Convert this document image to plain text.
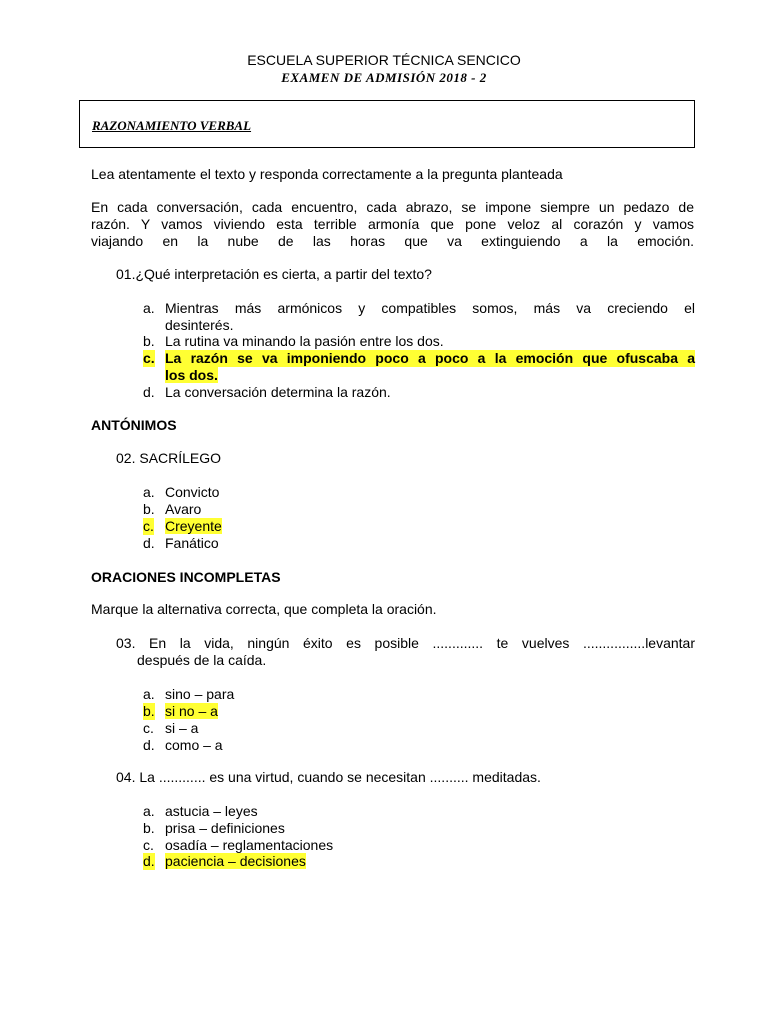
ESCUELA SUPERIOR TÉCNICA SENCICO
EXAMEN DE ADMISIÓN 2018 - 2
RAZONAMIENTO VERBAL
Lea atentamente el texto y responda correctamente a la pregunta planteada
En cada conversación, cada encuentro, cada abrazo, se impone siempre un pedazo de
razón. Y vamos viviendo esta terrible armonía que pone veloz al corazón y vamos
viajando en la nube de las horas que va extinguiendo a la emoción.
01.¿Qué interpretación es cierta, a partir del texto?
a. Mientras más armónicos y compatibles somos, más va creciendo el
desinterés.
b. La rutina va minando la pasión entre los dos.
c. La razón se va imponiendo poco a poco a la emoción que ofuscaba a
los dos.
d. La conversación determina la razón.
ANTÓNIMOS
02. SACRÍLEGO
a. Convicto
b. Avaro
c. Creyente
d. Fanático
ORACIONES INCOMPLETAS
Marque la alternativa correcta, que completa la oración.
03. En la vida, ningún éxito es posible ............. te vuelves ................levantar
después de la caída.
a. sino – para
b. si no – a
c. si – a
d. como – a
04. La ............ es una virtud, cuando se necesitan .......... meditadas.
a. astucia – leyes
b. prisa – definiciones
c. osadía – reglamentaciones
d. paciencia – decisiones
